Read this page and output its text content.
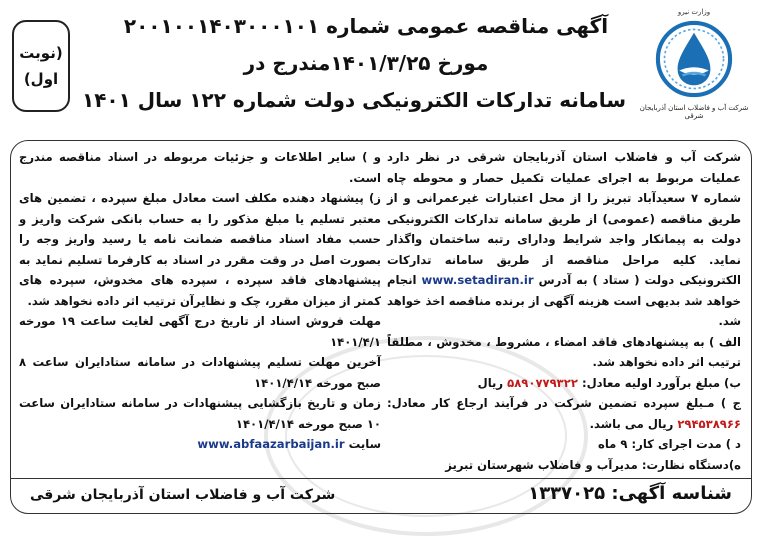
وزارت نیرو
شرکت آب و فاضلاب استان آذربایجان شرقی
آگهی مناقصه عمومی شماره ۲۰۰۱۰۰۱۴۰۳۰۰۰۱۰۱
مورخ ۱۴۰۱/۳/۲۵مندرج در
سامانه تدارکات الکترونیکی دولت شماره ۱۲۲ سال ۱۴۰۱
(نوبت
اول)

شرکت آب و فاضلاب استان آذربایجان شرقی در نظر دارد عملیات مربوط به اجرای عملیات تکمیل حصار و محوطه چاه شماره ۷ سعیدآباد تبریز را از محل اعتبارات غیرعمرانی و از طریق مناقصه (عمومی) از طریق سامانه تدارکات الکترونیکی دولت به پیمانکار واجد شرایط ودارای رتبه ساختمان واگذار نماید. کلیه مراحل مناقصه از طریق سامانه تدارکات الکترونیکی دولت ( ستاد ) به آدرس www.setadiran.ir انجام خواهد شد بدیهی است هزینه آگهی از برنده مناقصه اخذ خواهد شد.

الف ) به پیشنهادهای فاقد امضاء ، مشروط ، مخدوش ، مطلقاً ترتیب اثر داده نخواهد شد.

ب) مبلغ برآورد اولیه معادل: ۵۸۹۰۷۷۹۳۲۲ ریال

ج ) مـبلغ سپرده تضمین شرکت در فرآیند ارجاع کار معادل: ۲۹۴۵۳۸۹۶۶ ریال می باشد.

د ) مدت اجرای کار: ۹ ماه

ه)دستگاه نظارت: مدیرآب و فاضلاب شهرستان تبریز

و ) سایر اطلاعات و جزئیات مربوطه در اسناد مناقصه مندرج است.

ز) پیشنهاد دهنده مکلف است معادل مبلغ سپرده ، تضمین های معتبر تسلیم یا مبلغ مذکور را به حساب بانکی شرکت واریز و حسب مفاد اسناد مناقصه ضمانت نامه یا رسید واریز وجه را بصورت اصل در وقت مقرر در اسناد به کارفرما تسلیم نماید به پیشنهادهای فاقد سپرده ، سپرده های مخدوش، سپرده های کمتر از میزان مقرر، چک و نظایرآن ترتیب اثر داده نخواهد شد.

مهلت فروش اسناد از تاریخ درج آگهی لغایت ساعت ۱۹ مورخه ۱۴۰۱/۴/۱

آخرین مهلت تسلیم پیشنهادات در سامانه ستادایران ساعت ۸ صبح مورخه ۱۴۰۱/۴/۱۴

زمان و تاریخ بازگشایی پیشنهادات در سامانه ستادایران ساعت ۱۰ صبح مورخه ۱۴۰۱/۴/۱۴

سایت www.abfaazarbaijan.ir

شناسه آگهی: ۱۳۳۷۰۲۵
شرکت آب و فاضلاب استان آذربایجان شرقی
